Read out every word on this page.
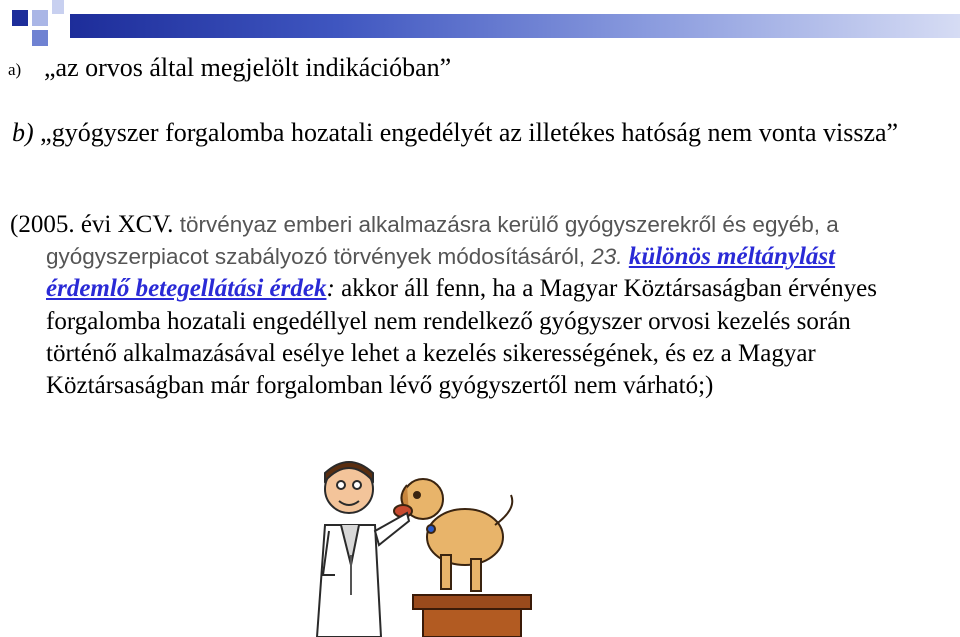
a) „az orvos által megjelölt indikációban”
b) „gyógyszer forgalomba hozatali engedélyét az illetékes hatóság nem vonta vissza”
(2005. évi XCV. törvényaz emberi alkalmazásra kerülő gyógyszerekről és egyéb, a
gyógyszerpiacot szabályozó törvények módosításáról, 23. különös méltánylást
érdemlő betegellátási érdek: akkor áll fenn, ha a Magyar Köztársaságban érvényes
forgalomba hozatali engedéllyel nem rendelkező gyógyszer orvosi kezelés során
történő alkalmazásával esélye lehet a kezelés sikerességének, és ez a Magyar
Köztársaságban már forgalomban lévő gyógyszertől nem várható;)
